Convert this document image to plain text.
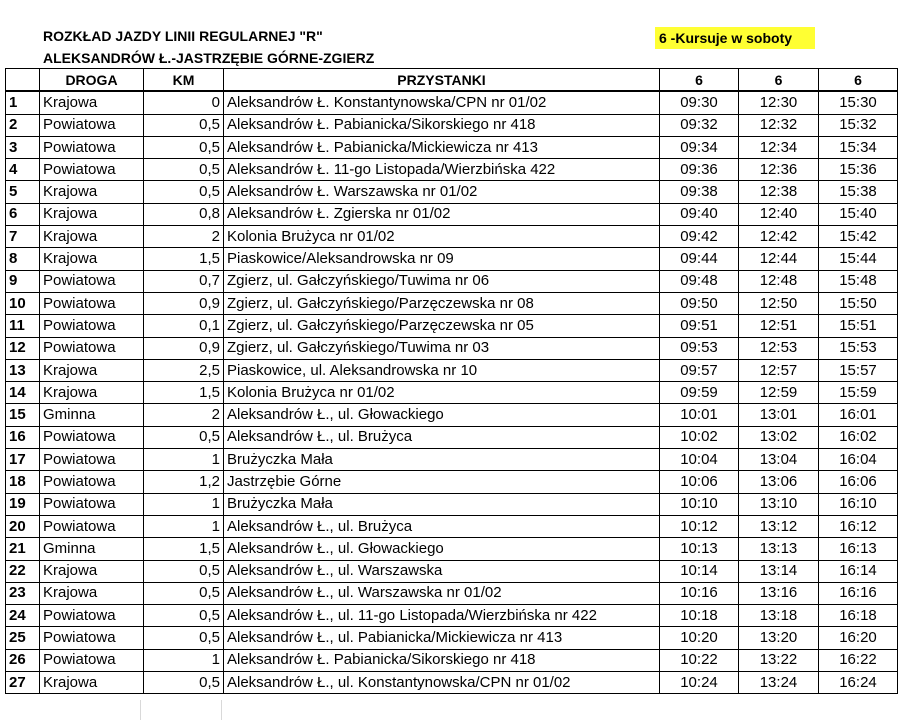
ROZKŁAD JAZDY LINII REGULARNEJ "R"
ALEKSANDRÓW Ł.-JASTRZĘBIE GÓRNE-ZGIERZ
6 -Kursuje w soboty
	DROGA	KM	PRZYSTANKI	6	6	6
1	Krajowa	0	Aleksandrów Ł. Konstantynowska/CPN nr 01/02	09:30	12:30	15:30
2	Powiatowa	0,5	Aleksandrów Ł. Pabianicka/Sikorskiego nr 418	09:32	12:32	15:32
3	Powiatowa	0,5	Aleksandrów Ł. Pabianicka/Mickiewicza nr 413	09:34	12:34	15:34
4	Powiatowa	0,5	Aleksandrów Ł. 11-go Listopada/Wierzbińska 422	09:36	12:36	15:36
5	Krajowa	0,5	Aleksandrów Ł. Warszawska nr 01/02	09:38	12:38	15:38
6	Krajowa	0,8	Aleksandrów Ł. Zgierska nr 01/02	09:40	12:40	15:40
7	Krajowa	2	Kolonia Brużyca nr 01/02	09:42	12:42	15:42
8	Krajowa	1,5	Piaskowice/Aleksandrowska nr 09	09:44	12:44	15:44
9	Powiatowa	0,7	Zgierz, ul. Gałczyńskiego/Tuwima nr 06	09:48	12:48	15:48
10	Powiatowa	0,9	Zgierz, ul. Gałczyńskiego/Parzęczewska nr 08	09:50	12:50	15:50
11	Powiatowa	0,1	Zgierz, ul. Gałczyńskiego/Parzęczewska nr 05	09:51	12:51	15:51
12	Powiatowa	0,9	Zgierz, ul. Gałczyńskiego/Tuwima nr 03	09:53	12:53	15:53
13	Krajowa	2,5	Piaskowice, ul. Aleksandrowska nr 10	09:57	12:57	15:57
14	Krajowa	1,5	Kolonia Brużyca nr 01/02	09:59	12:59	15:59
15	Gminna	2	Aleksandrów Ł., ul. Głowackiego	10:01	13:01	16:01
16	Powiatowa	0,5	Aleksandrów Ł., ul. Brużyca	10:02	13:02	16:02
17	Powiatowa	1	Brużyczka Mała	10:04	13:04	16:04
18	Powiatowa	1,2	Jastrzębie Górne	10:06	13:06	16:06
19	Powiatowa	1	Brużyczka Mała	10:10	13:10	16:10
20	Powiatowa	1	Aleksandrów Ł., ul. Brużyca	10:12	13:12	16:12
21	Gminna	1,5	Aleksandrów Ł., ul. Głowackiego	10:13	13:13	16:13
22	Krajowa	0,5	Aleksandrów Ł., ul. Warszawska	10:14	13:14	16:14
23	Krajowa	0,5	Aleksandrów Ł., ul. Warszawska nr 01/02	10:16	13:16	16:16
24	Powiatowa	0,5	Aleksandrów Ł., ul. 11-go Listopada/Wierzbińska nr 422	10:18	13:18	16:18
25	Powiatowa	0,5	Aleksandrów Ł., ul. Pabianicka/Mickiewicza nr 413	10:20	13:20	16:20
26	Powiatowa	1	Aleksandrów Ł. Pabianicka/Sikorskiego nr 418	10:22	13:22	16:22
27	Krajowa	0,5	Aleksandrów Ł., ul. Konstantynowska/CPN nr 01/02	10:24	13:24	16:24
